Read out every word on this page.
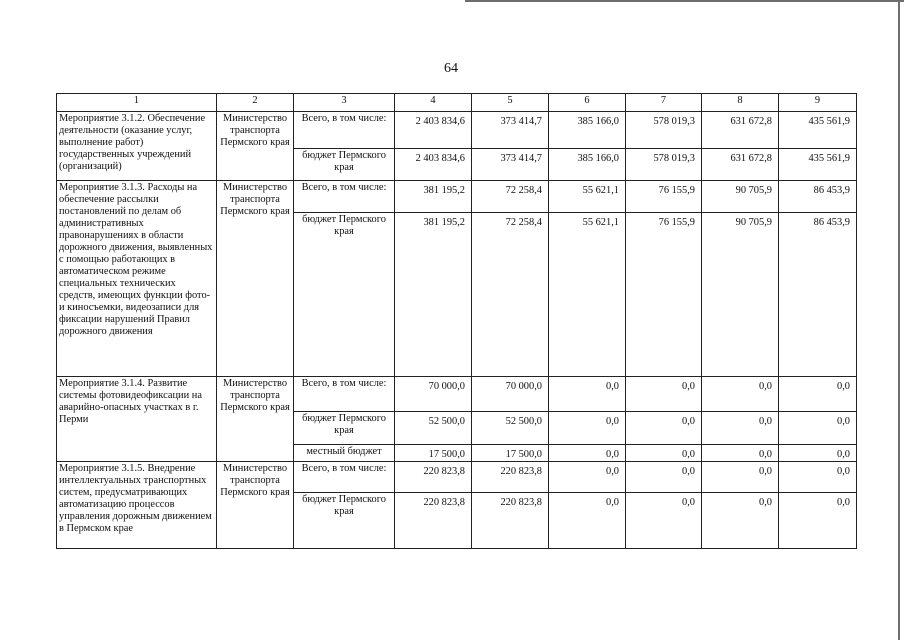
64
1	2	3	4	5	6	7	8	9
Мероприятие 3.1.2. Обеспечение деятельности (оказание услуг, выполнение работ) государственных учреждений (организаций)	Министерство транспорта Пермского края	Всего, в том числе:	2 403 834,6	373 414,7	385 166,0	578 019,3	631 672,8	435 561,9
		бюджет Пермского края	2 403 834,6	373 414,7	385 166,0	578 019,3	631 672,8	435 561,9
Мероприятие 3.1.3. Расходы на обеспечение рассылки постановлений по делам об административных правонарушениях в области дорожного движения, выявленных с помощью работающих в автоматическом режиме специальных технических средств, имеющих функции фото- и киносъемки, видеозаписи для фиксации нарушений Правил дорожного движения	Министерство транспорта Пермского края	Всего, в том числе:	381 195,2	72 258,4	55 621,1	76 155,9	90 705,9	86 453,9
		бюджет Пермского края	381 195,2	72 258,4	55 621,1	76 155,9	90 705,9	86 453,9
Мероприятие 3.1.4. Развитие системы фотовидеофиксации на аварийно-опасных участках в г. Перми	Министерство транспорта Пермского края	Всего, в том числе:	70 000,0	70 000,0	0,0	0,0	0,0	0,0
		бюджет Пермского края	52 500,0	52 500,0	0,0	0,0	0,0	0,0
		местный бюджет	17 500,0	17 500,0	0,0	0,0	0,0	0,0
Мероприятие 3.1.5. Внедрение интеллектуальных транспортных систем, предусматривающих автоматизацию процессов управления дорожным движением в Пермском крае	Министерство транспорта Пермского края	Всего, в том числе:	220 823,8	220 823,8	0,0	0,0	0,0	0,0
		бюджет Пермского края	220 823,8	220 823,8	0,0	0,0	0,0	0,0
